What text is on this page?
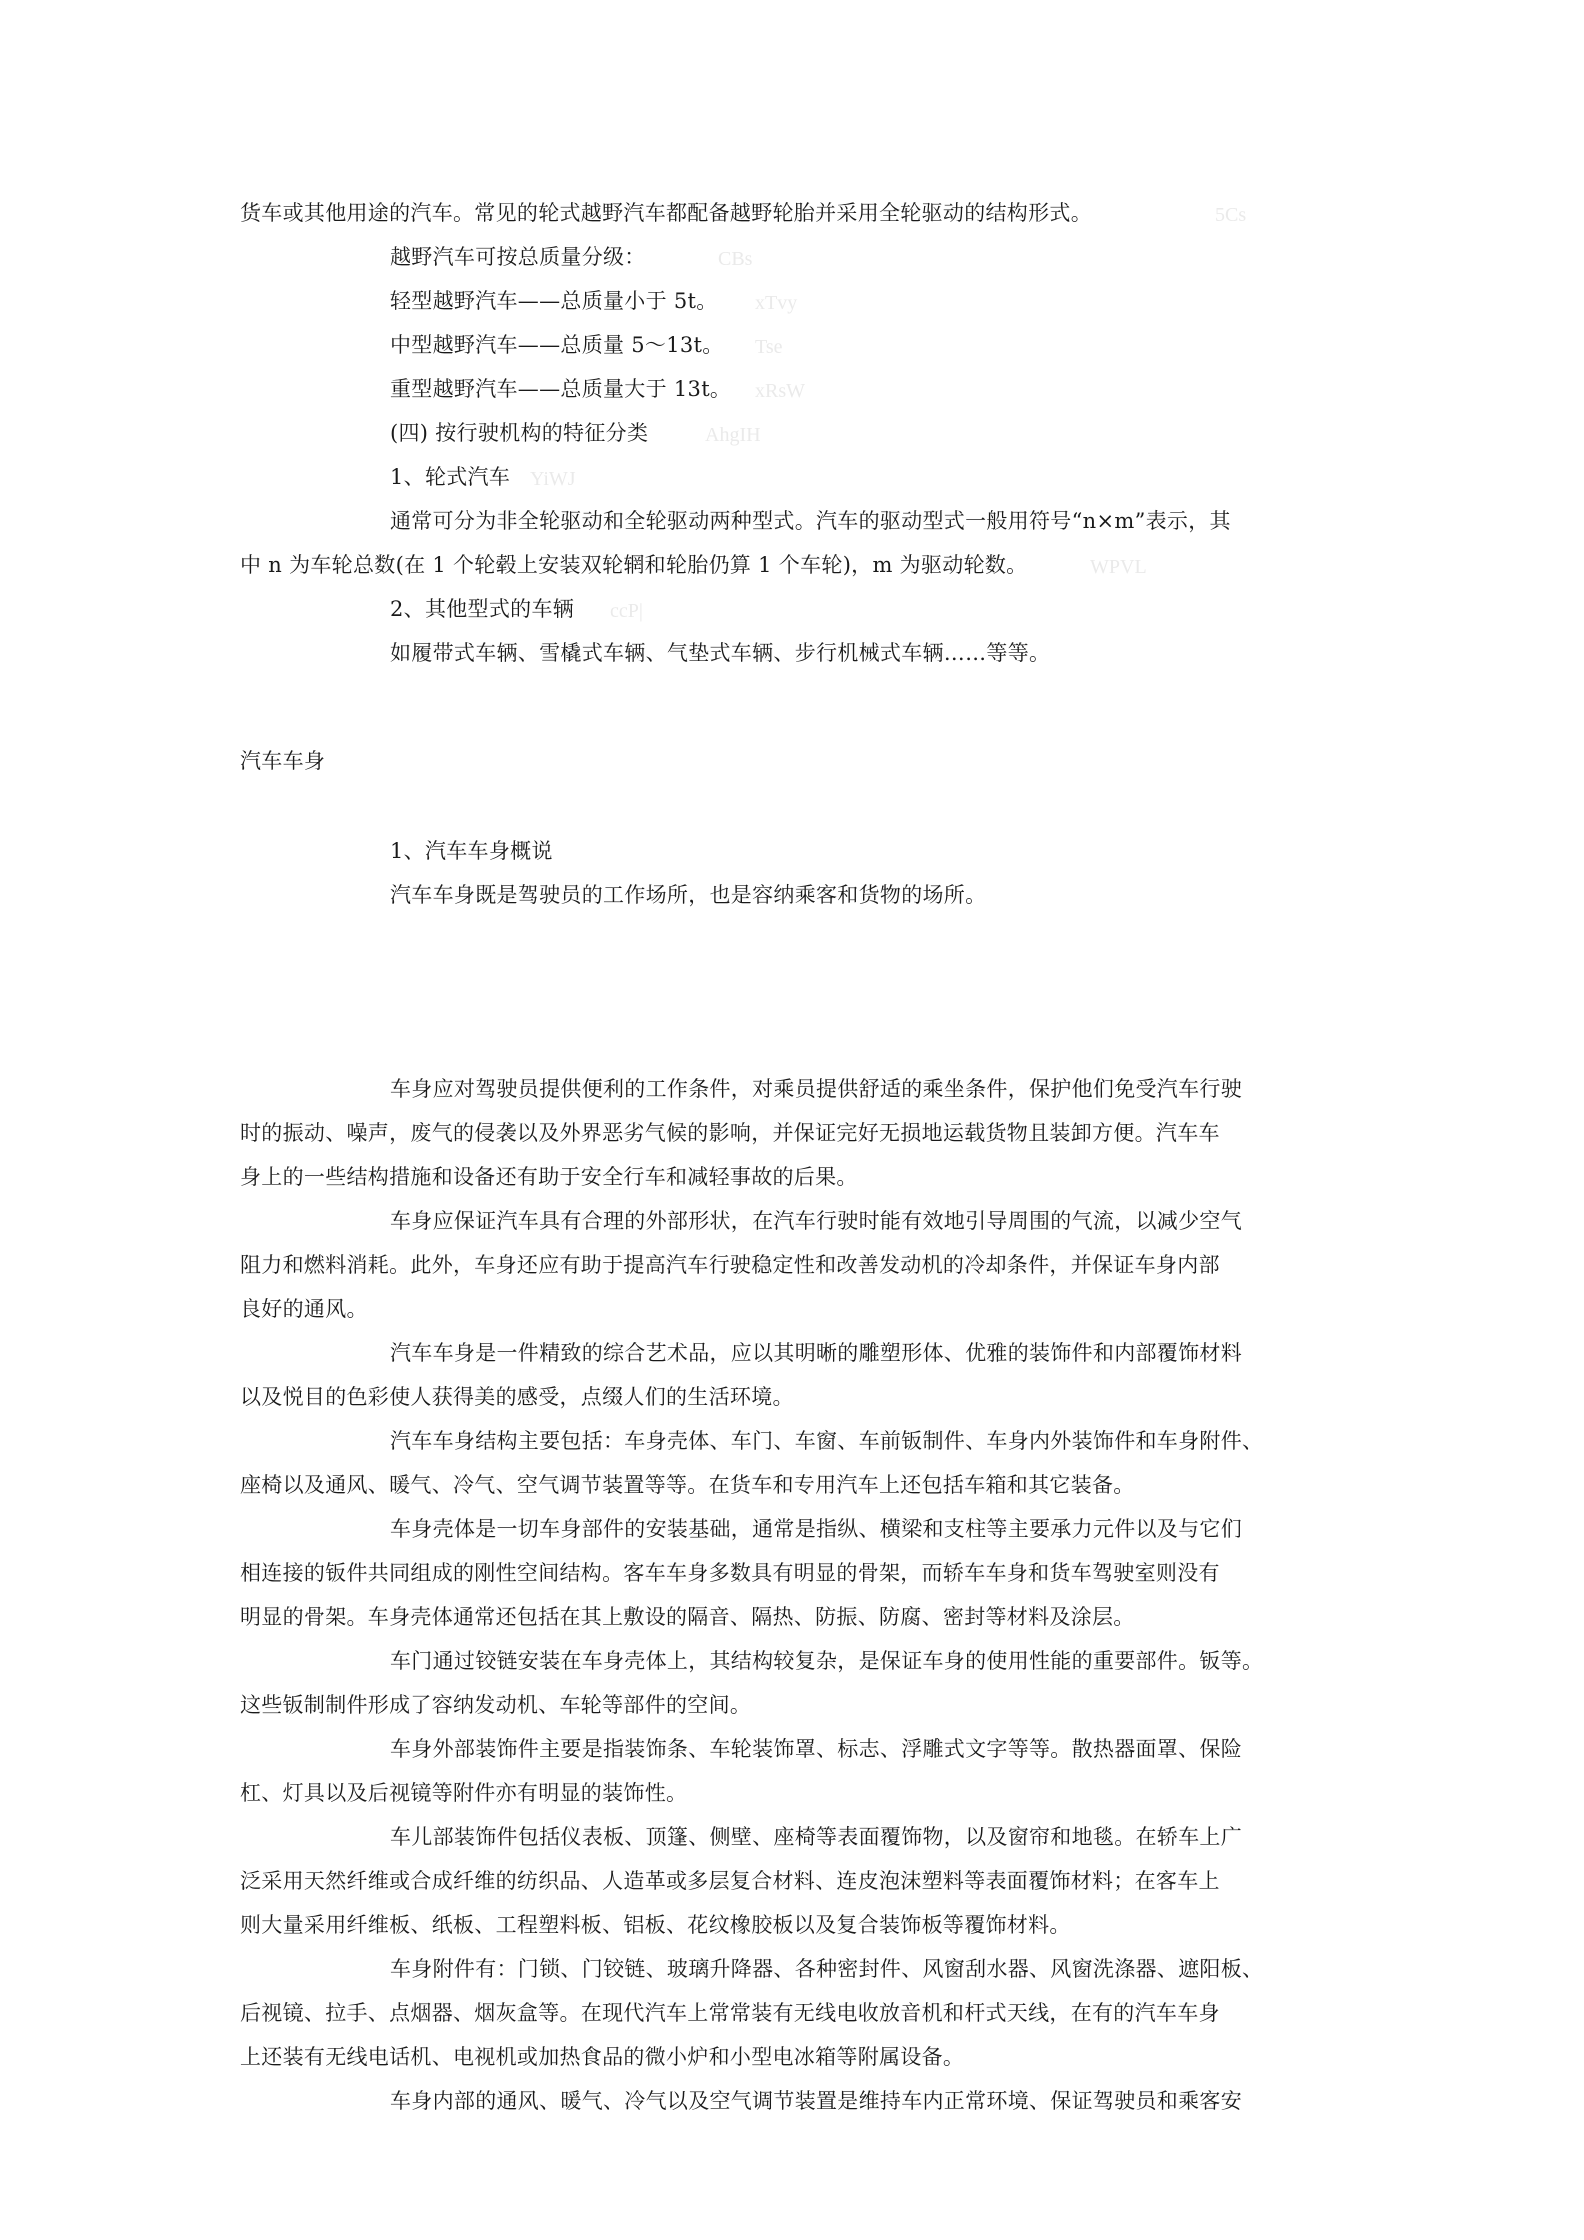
货车或其他用途的汽车。常见的轮式越野汽车都配备越野轮胎并采用全轮驱动的结构形式。
越野汽车可按总质量分级：
轻型越野汽车——总质量小于 5t。
中型越野汽车——总质量 5～13t。
重型越野汽车——总质量大于 13t。
(四) 按行驶机构的特征分类
1、轮式汽车
通常可分为非全轮驱动和全轮驱动两种型式。汽车的驱动型式一般用符号“n×m”表示，其
中 n 为车轮总数(在 1 个轮毂上安装双轮辋和轮胎仍算 1 个车轮)，m 为驱动轮数。
2、其他型式的车辆
如履带式车辆、雪橇式车辆、气垫式车辆、步行机械式车辆……等等。
5Cs
CBs
xTvy
Tse
xRsW
AhgIH
YiWJ
WPVL
ccP|
汽车车身
1、汽车车身概说
汽车车身既是驾驶员的工作场所，也是容纳乘客和货物的场所。
车身应对驾驶员提供便利的工作条件，对乘员提供舒适的乘坐条件，保护他们免受汽车行驶
时的振动、噪声，废气的侵袭以及外界恶劣气候的影响，并保证完好无损地运载货物且装卸方便。汽车车
身上的一些结构措施和设备还有助于安全行车和减轻事故的后果。
车身应保证汽车具有合理的外部形状，在汽车行驶时能有效地引导周围的气流，以减少空气
阻力和燃料消耗。此外，车身还应有助于提高汽车行驶稳定性和改善发动机的冷却条件，并保证车身内部
良好的通风。
汽车车身是一件精致的综合艺术品，应以其明晰的雕塑形体、优雅的装饰件和内部覆饰材料
以及悦目的色彩使人获得美的感受，点缀人们的生活环境。
汽车车身结构主要包括：车身壳体、车门、车窗、车前钣制件、车身内外装饰件和车身附件、
座椅以及通风、暖气、冷气、空气调节装置等等。在货车和专用汽车上还包括车箱和其它装备。
车身壳体是一切车身部件的安装基础，通常是指纵、横梁和支柱等主要承力元件以及与它们
相连接的钣件共同组成的刚性空间结构。客车车身多数具有明显的骨架，而轿车车身和货车驾驶室则没有
明显的骨架。车身壳体通常还包括在其上敷设的隔音、隔热、防振、防腐、密封等材料及涂层。
车门通过铰链安装在车身壳体上，其结构较复杂，是保证车身的使用性能的重要部件。钣等。
这些钣制制件形成了容纳发动机、车轮等部件的空间。
车身外部装饰件主要是指装饰条、车轮装饰罩、标志、浮雕式文字等等。散热器面罩、保险
杠、灯具以及后视镜等附件亦有明显的装饰性。
车儿部装饰件包括仪表板、顶篷、侧壁、座椅等表面覆饰物，以及窗帘和地毯。在轿车上广
泛采用天然纤维或合成纤维的纺织品、人造革或多层复合材料、连皮泡沫塑料等表面覆饰材料；在客车上
则大量采用纤维板、纸板、工程塑料板、铝板、花纹橡胶板以及复合装饰板等覆饰材料。
车身附件有：门锁、门铰链、玻璃升降器、各种密封件、风窗刮水器、风窗洗涤器、遮阳板、
后视镜、拉手、点烟器、烟灰盒等。在现代汽车上常常装有无线电收放音机和杆式天线，在有的汽车车身
上还装有无线电话机、电视机或加热食品的微小炉和小型电冰箱等附属设备。
车身内部的通风、暖气、冷气以及空气调节装置是维持车内正常环境、保证驾驶员和乘客安
